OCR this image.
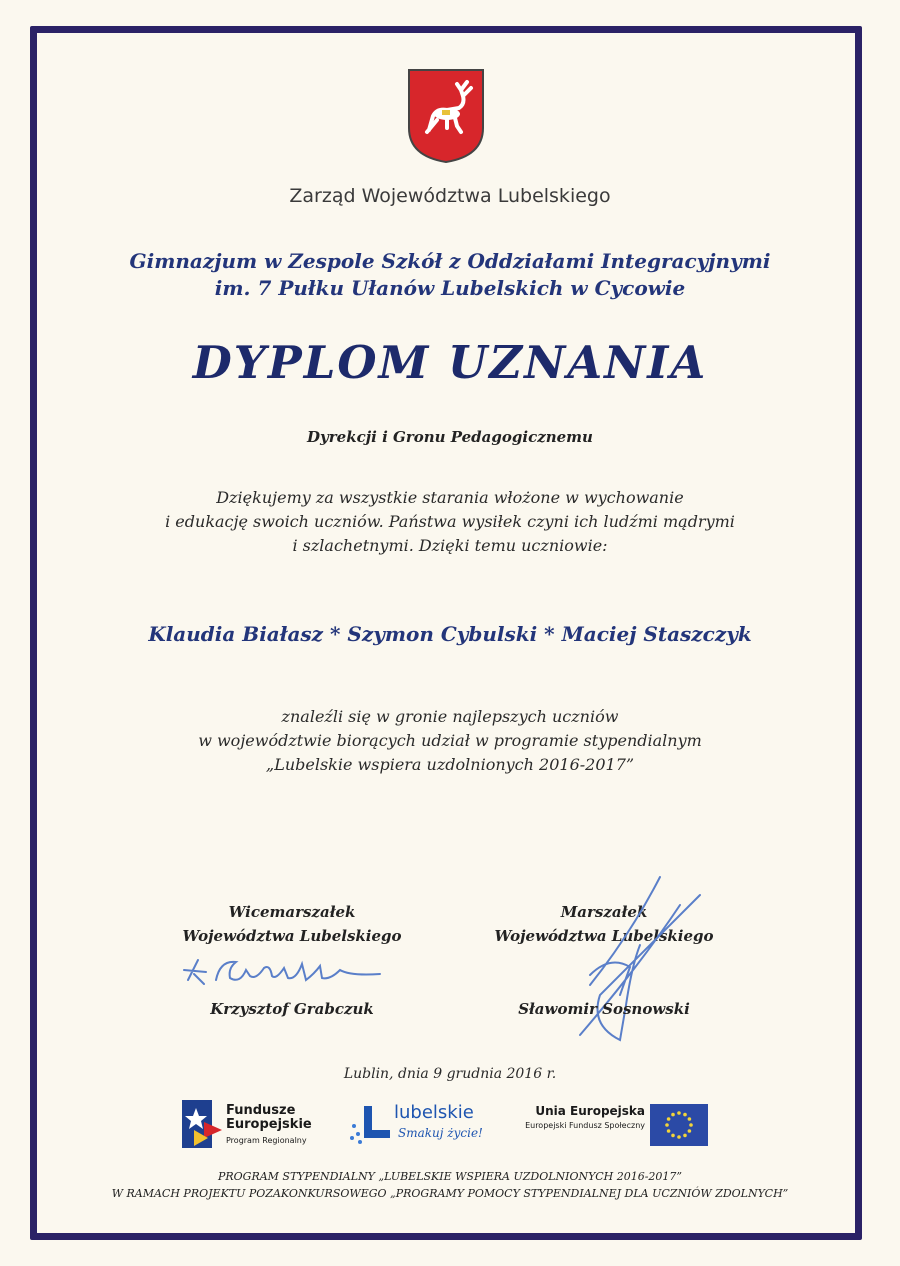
Zarząd Województwa Lubelskiego
Gimnazjum w Zespole Szkół z Oddziałami Integracyjnymi
im. 7 Pułku Ułanów Lubelskich w Cycowie
DYPLOM UZNANIA
Dyrekcji i Gronu Pedagogicznemu
Dziękujemy za wszystkie starania włożone w wychowanie
i edukację swoich uczniów. Państwa wysiłek czyni ich ludźmi mądrymi
i szlachetnymi. Dzięki temu uczniowie:
Klaudia Białasz * Szymon Cybulski * Maciej Staszczyk
znaleźli się w gronie najlepszych uczniów
w województwie biorących udział w programie stypendialnym
„Lubelskie wspiera uzdolnionych 2016-2017”
Wicemarszałek
Województwa Lubelskiego
Krzysztof Grabczuk
Marszałek
Województwa Lubelskiego
Sławomir Sosnowski
Lublin, dnia 9 grudnia 2016 r.
Fundusze
Europejskie
Program Regionalny
lubelskie
Smakuj życie!
Unia Europejska
Europejski Fundusz Społeczny
PROGRAM STYPENDIALNY „LUBELSKIE WSPIERA UZDOLNIONYCH 2016-2017”
W RAMACH PROJEKTU POZAKONKURSOWEGO „PROGRAMY POMOCY STYPENDIALNEJ DLA UCZNIÓW ZDOLNYCH”
